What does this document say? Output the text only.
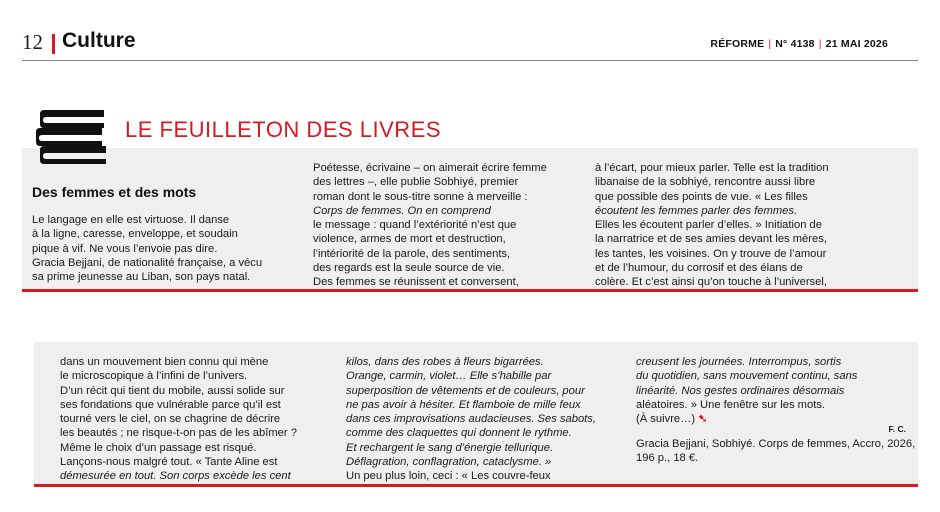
12 Culture	RÉFORME | N° 4138 | 21 MAI 2026
LE FEUILLETON DES LIVRES
Des femmes et des mots
Le langage en elle est virtuose. Il danse
à la ligne, caresse, enveloppe, et soudain
pique à vif. Ne vous l’envoie pas dire.
Gracia Bejjani, de nationalité française, a vécu
sa prime jeunesse au Liban, son pays natal.
Poétesse, écrivaine – on aimerait écrire femme
des lettres –, elle publie Sobhiyé, premier
roman dont le sous-titre sonne à merveille :
Corps de femmes. On en comprend
le message : quand l’extériorité n’est que
violence, armes de mort et destruction,
l’intériorité de la parole, des sentiments,
des regards est la seule source de vie.
Des femmes se réunissent et conversent,
à l’écart, pour mieux parler. Telle est la tradition
libanaise de la sobhiyé, rencontre aussi libre
que possible des points de vue. « Les filles
écoutent les femmes parler des femmes.
Elles les écoutent parler d’elles. » Initiation de
la narratrice et de ses amies devant les mères,
les tantes, les voisines. On y trouve de l’amour
et de l’humour, du corrosif et des élans de
colère. Et c’est ainsi qu’on touche à l’universel,
dans un mouvement bien connu qui mène
le microscopique à l’infini de l’univers.
D’un récit qui tient du mobile, aussi solide sur
ses fondations que vulnérable parce qu’il est
tourné vers le ciel, on se chagrine de décrire
les beautés ; ne risque-t-on pas de les abîmer ?
Même le choix d’un passage est risqué.
Lançons-nous malgré tout. « Tante Aline est
démesurée en tout. Son corps excède les cent
kilos, dans des robes à fleurs bigarrées.
Orange, carmin, violet… Elle s’habille par
superposition de vêtements et de couleurs, pour
ne pas avoir à hésiter. Et flamboie de mille feux
dans ces improvisations audacieuses. Ses sabots,
comme des claquettes qui donnent le rythme.
Et rechargent le sang d’énergie tellurique.
Déflagration, conflagration, cataclysme. »
Un peu plus loin, ceci : « Les couvre-feux
creusent les journées. Interrompus, sortis
du quotidien, sans mouvement continu, sans
linéarité. Nos gestes ordinaires désormais
aléatoires. » Une fenêtre sur les mots.
(À suivre…) ➷
F. C.
Gracia Bejjani, Sobhiyé. Corps de femmes, Accro, 2026,
196 p., 18 €.
